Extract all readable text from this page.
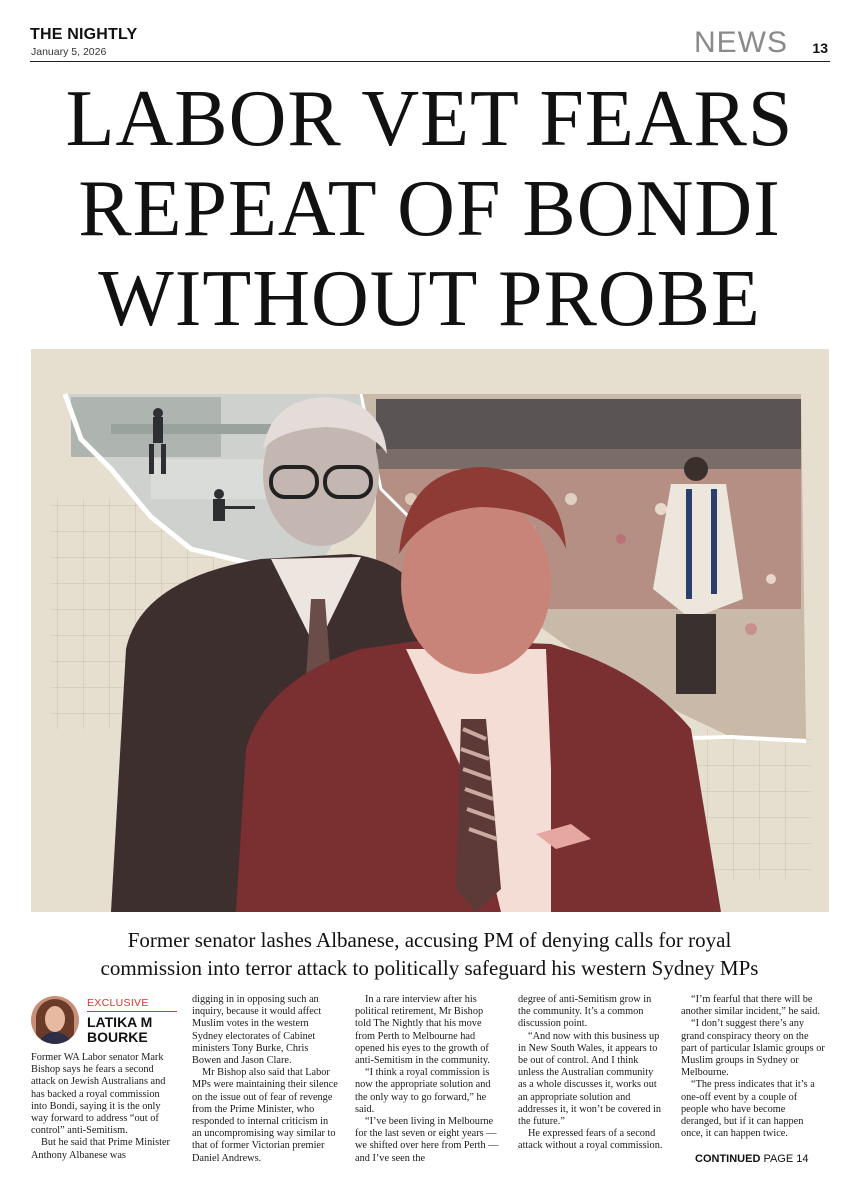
THE NIGHTLY
January 5, 2026	NEWS 13
LABOR VET FEARS
REPEAT OF BONDI
WITHOUT PROBE
Former senator lashes Albanese, accusing PM of denying calls for royal
commission into terror attack to politically safeguard his western Sydney MPs
EXCLUSIVE
LATIKA M
BOURKE

Former WA Labor senator Mark Bishop says he fears a second attack on Jewish Australians and has backed a royal commission into Bondi, saying it is the only way forward to address “out of control” anti-Semitism.

But he said that Prime Minister Anthony Albanese was

digging in in opposing such an inquiry, because it would affect Muslim votes in the western Sydney electorates of Cabinet ministers Tony Burke, Chris Bowen and Jason Clare.

Mr Bishop also said that Labor MPs were maintaining their silence on the issue out of fear of revenge from the Prime Minister, who responded to internal criticism in an uncompromising way similar to that of former Victorian premier Daniel Andrews.

In a rare interview after his political retirement, Mr Bishop told The Nightly that his move from Perth to Melbourne had opened his eyes to the growth of anti-Semitism in the community.

“I think a royal commission is now the appropriate solution and the only way to go forward,” he said.

“I’ve been living in Melbourne for the last seven or eight years — we shifted over here from Perth — and I’ve seen the

degree of anti-Semitism grow in the community. It’s a common discussion point.

“And now with this business up in New South Wales, it appears to be out of control. And I think unless the Australian community as a whole discusses it, works out an appropriate solution and addresses it, it won’t be covered in the future.”

He expressed fears of a second attack without a royal commission.

“I’m fearful that there will be another similar incident,” he said.

“I don’t suggest there’s any grand conspiracy theory on the part of particular Islamic groups or Muslim groups in Sydney or Melbourne.

“The press indicates that it’s a one-off event by a couple of people who have become deranged, but if it can happen once, it can happen twice.

CONTINUED PAGE 14
